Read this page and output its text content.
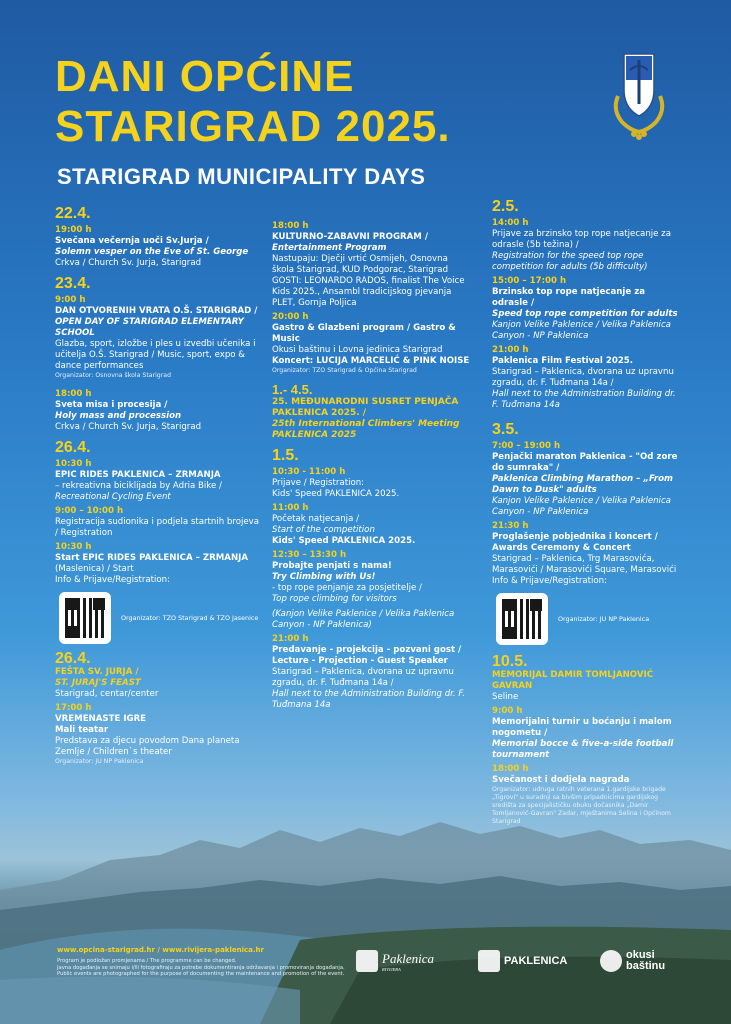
DANI OPĆINE
STARIGRAD 2025.
STARIGRAD MUNICIPALITY DAYS
22.4.
19:00 h
Svečana večernja uoči Sv.Jurja /
Solemn vesper on the Eve of St. George
Crkva / Church Sv. Jurja, Starigrad
23.4.
9:00 h
DAN OTVORENIH VRATA O.Š. STARIGRAD /
OPEN DAY OF STARIGRAD ELEMENTARY SCHOOL
Glazba, sport, izložbe i ples u izvedbi učenika i učitelja O.Š. Starigrad / Music, sport, expo & dance performances
Organizator: Osnovna škola Starigrad
18:00 h
Sveta misa i procesija /
Holy mass and procession
Crkva / Church Sv. Jurja, Starigrad
26.4.
10:30 h
EPIC RIDES PAKLENICA – ZRMANJA
– rekreativna biciklijada by Adria Bike /
Recreational Cycling Event
9:00 – 10:00 h
Registracija sudionika i podjela startnih brojeva / Registration
10:30 h
Start EPIC RIDES PAKLENICA – ZRMANJA
(Maslenica) / Start
Info & Prijave/Registration:
Organizator: TZO Starigrad & TZO Jasenice
26.4.
FEŠTA SV. JURJA /
ST. JURAJ'S FEAST
Starigrad, centar/center
17:00 h
VREMENASTE IGRE
Mali teatar
Predstava za djecu povodom Dana planeta Zemlje / Children`s theater
Organizator: JU NP Paklenica
18:00 h
KULTURNO-ZABAVNI PROGRAM /
Entertainment Program
Nastupaju: Dječji vrtić Osmijeh, Osnovna škola Starigrad, KUD Podgorac, Starigrad GOSTI: LEONARDO RADOS, finalist The Voice Kids 2025., Ansambl tradicijskog pjevanja PLET, Gornja Poljica
20:00 h
Gastro & Glazbeni program / Gastro & Music
Okusi baštinu i Lovna jedinica Starigrad
Koncert: LUCIJA MARCELIĆ & PINK NOISE
Organizator: TZO Starigrad & Općina Starigrad
1.- 4.5.
25. MEĐUNARODNI SUSRET PENJAČA PAKLENICA 2025. /
25th International Climbers' Meeting PAKLENICA 2025
1.5.
10:30 - 11:00 h
Prijave / Registration:
Kids' Speed PAKLENICA 2025.
11:00 h
Početak natjecanja /
Start of the competition
Kids' Speed PAKLENICA 2025.
12:30 – 13:30 h
Probajte penjati s nama!
Try Climbing with Us!
- top rope penjanje za posjetitelje /
Top rope climbing for visitors
(Kanjon Velike Paklenice / Velika Paklenica Canyon - NP Paklenica)
21:00 h
Predavanje - projekcija - pozvani gost / Lecture - Projection - Guest Speaker
Starigrad – Paklenica, dvorana uz upravnu zgradu, dr. F. Tuđmana 14a /
Hall next to the Administration Building dr. F. Tuđmana 14a
2.5.
14:00 h
Prijave za brzinsko top rope natjecanje za odrasle (5b težina) /
Registration for the speed top rope competition for adults (5b difficulty)
15:00 – 17:00 h
Brzinsko top rope natjecanje za odrasle /
Speed top rope competition for adults
Kanjon Velike Paklenice / Velika Paklenica Canyon - NP Paklenica
21:00 h
Paklenica Film Festival 2025.
Starigrad – Paklenica, dvorana uz upravnu zgradu, dr. F. Tuđmana 14a /
Hall next to the Administration Building dr. F. Tuđmana 14a
3.5.
7:00 – 19:00 h
Penjački maraton Paklenica - "Od zore do sumraka" /
Paklenica Climbing Marathon – „From Dawn to Dusk" adults
Kanjon Velike Paklenice / Velika Paklenica Canyon - NP Paklenica
21:30 h
Proglašenje pobjednika i koncert / Awards Ceremony & Concert
Starigrad – Paklenica, Trg Marasovića, Marasovići / Marasovići Square, Marasovići
Info & Prijave/Registration:
Organizator: JU NP Paklenica
10.5.
MEMORIJAL DAMIR TOMLJANOVIĆ GAVRAN
Seline
9:00 h
Memorijalni turnir u boćanju i malom nogometu /
Memorial bocce & five-a-side football tournament
18:00 h
Svečanost i dodjela nagrada
Organizator: udruga ratnih veterana 1.gardijske brigade „Tigrovi" u suradnji sa bivšim pripadnicima gardijskog središta za specijalističku obuku dočasnika „Damir Tomljanović-Gavran" Zadar, mještanima Selina i Općinom Starigrad
www.opcina-starigrad.hr / www.rivijera-paklenica.hr
Program je podložan promjenama / The programme can be changed.
Javna događanja se snimaju i/ili fotografiraju za potrebe dokumentiranja održavanja i promoviranja događanja.
Public events are photographed for the purpose of documenting the maintenance and promotion of the event.
Paklenica
RIVIJERA
PAKLENICA	okusi
baštinu
